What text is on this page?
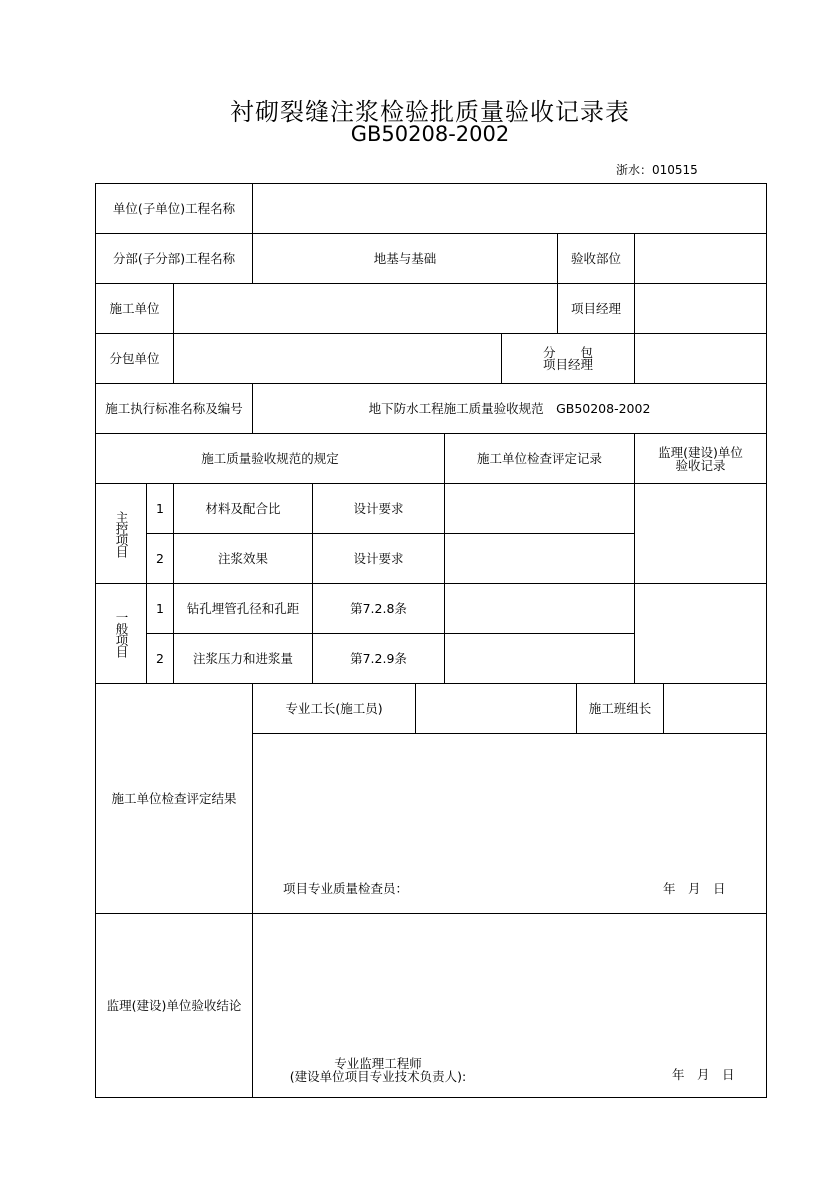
衬砌裂缝注浆检验批质量验收记录表
GB50208-2002
浙水：010515
单位(子单位)工程名称
分部(子分部)工程名称	地基与基础	验收部位
施工单位	项目经理
分包单位	分　　包
项目经理
施工执行标准名称及编号	地下防水工程施工质量验收规范　GB50208-2002
施工质量验收规范的规定	施工单位检查评定记录	监理(建设)单位
验收记录
主控项目
1	材料及配合比	设计要求
2	注浆效果	设计要求
一般项目
1	钻孔埋管孔径和孔距	第7.2.8条
2	注浆压力和进浆量	第7.2.9条
施工单位检查评定结果
专业工长(施工员)	施工班组长
项目专业质量检查员：	年　月　日
监理(建设)单位验收结论
专业监理工程师
(建设单位项目专业技术负责人):	年　月　日
